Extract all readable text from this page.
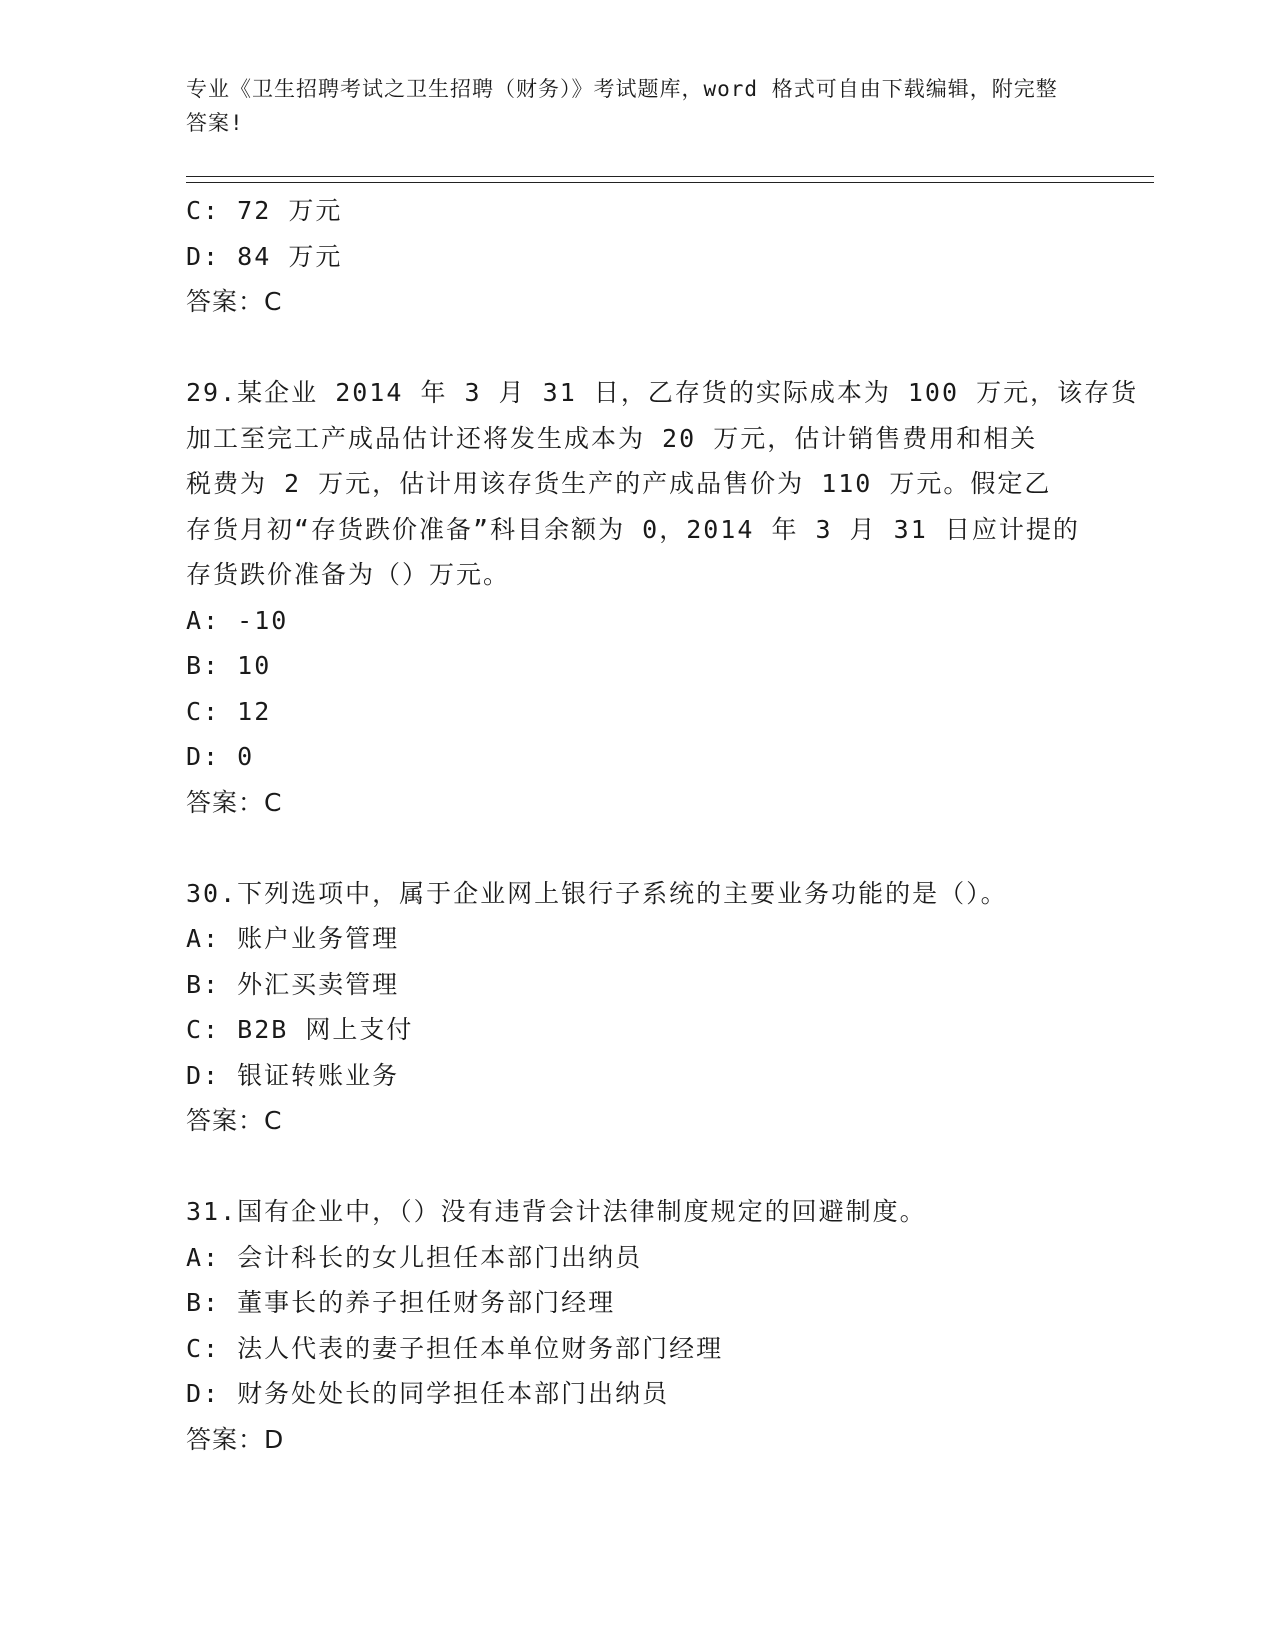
专业《卫生招聘考试之卫生招聘（财务）》考试题库，word 格式可自由下载编辑，附完整答案!
C: 72 万元
D: 84 万元
答案：C
29.某企业 2014 年 3 月 31 日，乙存货的实际成本为 100 万元，该存货
加工至完工产成品估计还将发生成本为 20 万元，估计销售费用和相关
税费为 2 万元，估计用该存货生产的产成品售价为 110 万元。假定乙
存货月初“存货跌价准备”科目余额为 0，2014 年 3 月 31 日应计提的
存货跌价准备为（）万元。
A: -10
B: 10
C: 12
D: 0
答案：C
30.下列选项中，属于企业网上银行子系统的主要业务功能的是（）。
A: 账户业务管理
B: 外汇买卖管理
C: B2B 网上支付
D: 银证转账业务
答案：C
31.国有企业中，（）没有违背会计法律制度规定的回避制度。
A: 会计科长的女儿担任本部门出纳员
B: 董事长的养子担任财务部门经理
C: 法人代表的妻子担任本单位财务部门经理
D: 财务处处长的同学担任本部门出纳员
答案：D
